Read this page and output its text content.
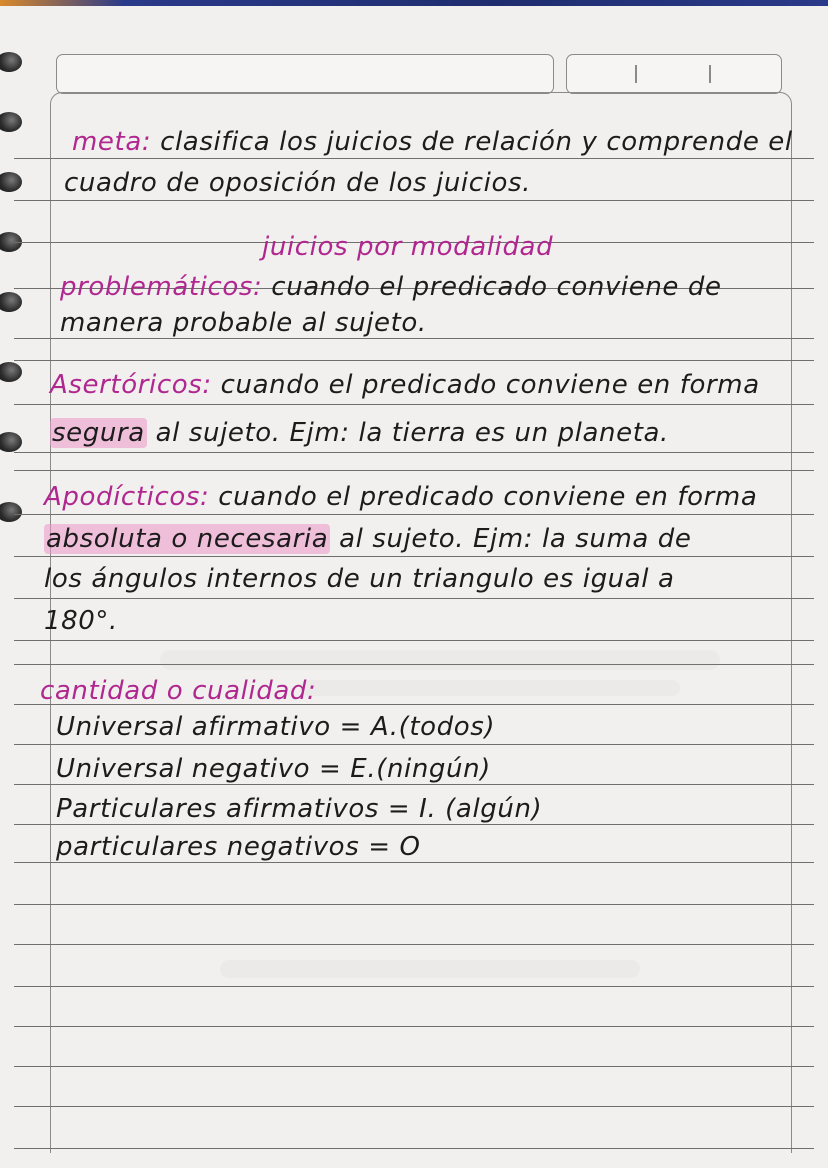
meta: clasifica los juicios de relación y comprende el
cuadro de oposición de los juicios.
juicios por modalidad
problemáticos: cuando el predicado conviene de
manera probable al sujeto.
Asertóricos: cuando el predicado conviene en forma
segura al sujeto. Ejm: la tierra es un planeta.
Apodícticos: cuando el predicado conviene en forma
absoluta o necesaria al sujeto. Ejm: la suma de
los ángulos internos de un triangulo es igual a
180°.
cantidad o cualidad:
Universal afirmativo = A.(todos)
Universal negativo = E.(ningún)
Particulares afirmativos = I. (algún)
particulares negativos = O
